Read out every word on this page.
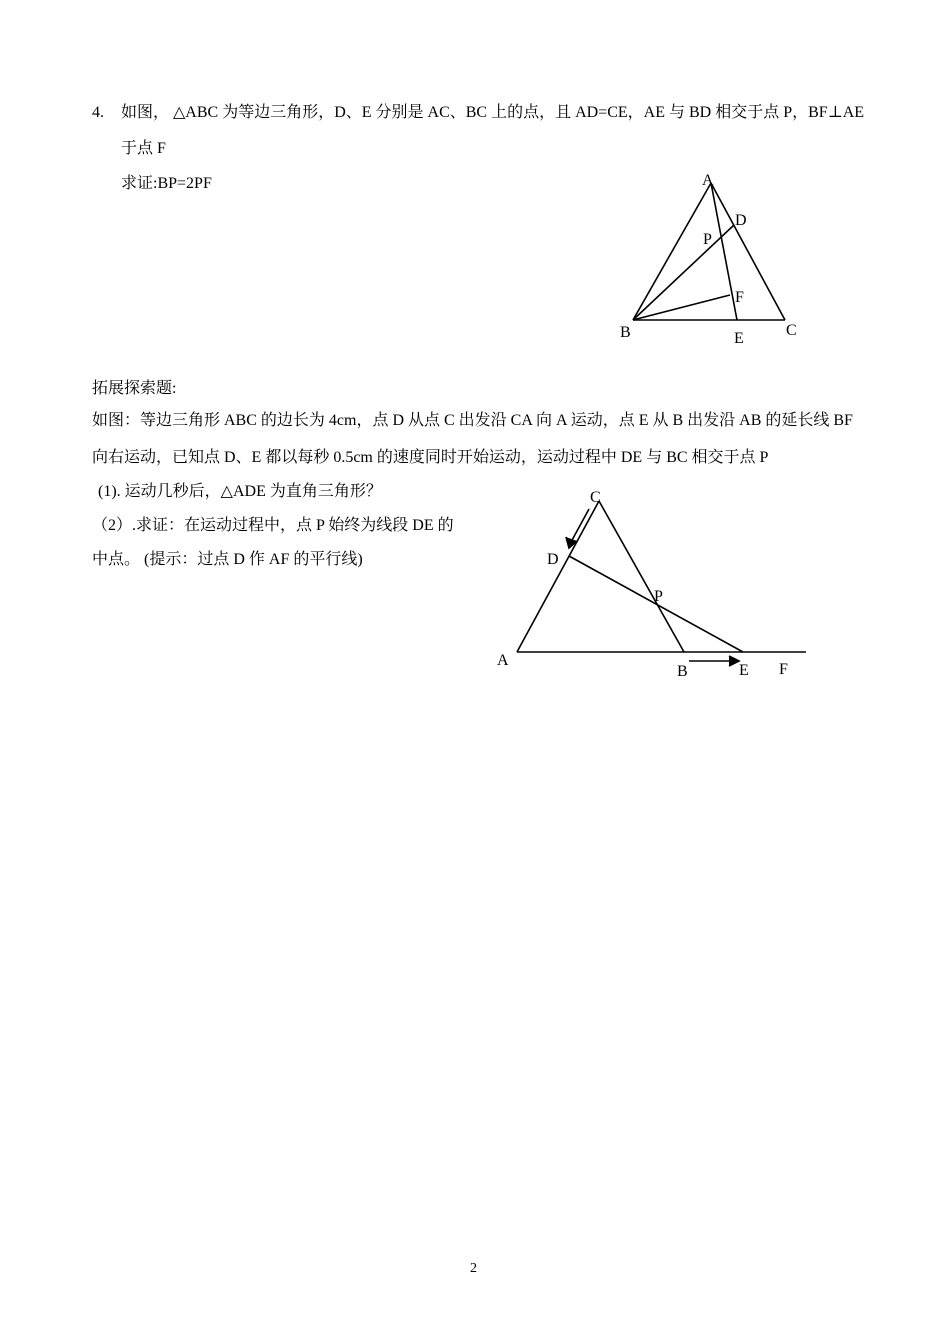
4. 如图， △ABC 为等边三角形，D、E 分别是 AC、BC 上的点，且 AD=CE，AE 与 BD 相交于点 P，BF⊥AE
于点 F
求证:BP=2PF	A
D
P
F
B	E	C
拓展探索题:
如图：等边三角形 ABC 的边长为 4cm，点 D 从点 C 出发沿 CA 向 A 运动，点 E 从 B 出发沿 AB 的延长线 BF
向右运动，已知点 D、E 都以每秒 0.5cm 的速度同时开始运动，运动过程中 DE 与 BC 相交于点 P
(1). 运动几秒后，△ADE 为直角三角形？
（2）.求证：在运动过程中，点 P 始终为线段 DE 的
中点。 (提示：过点 D 作 AF 的平行线)
C
D
P
A
B	E F
2
